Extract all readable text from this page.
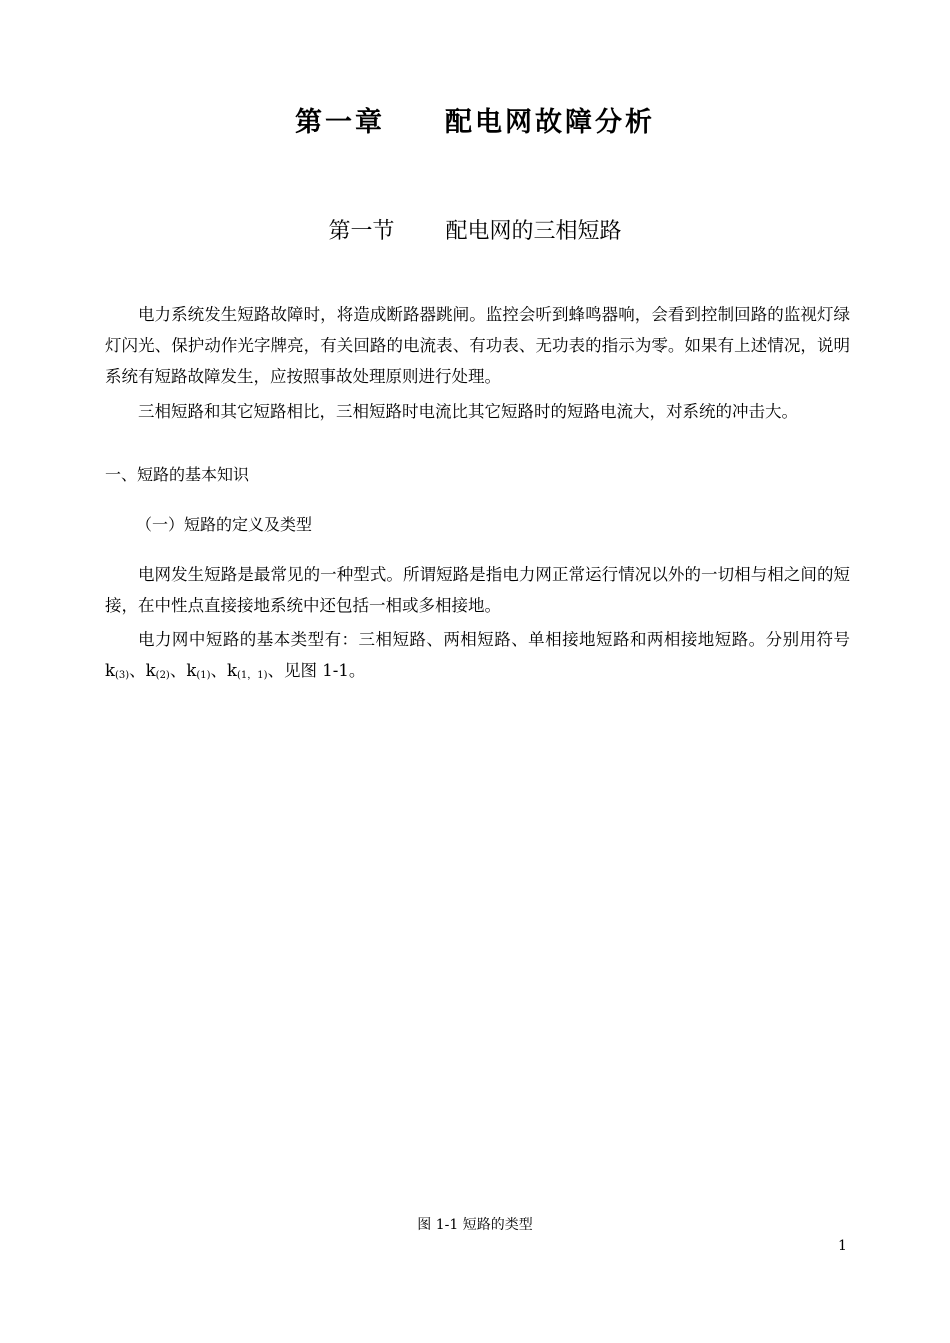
第一章　　配电网故障分析
第一节　　 配电网的三相短路

电力系统发生短路故障时，将造成断路器跳闸。监控会听到蜂鸣器响，会看到控制回路的监视灯绿灯闪光、保护动作光字牌亮，有关回路的电流表、有功表、无功表的指示为零。如果有上述情况，说明系统有短路故障发生，应按照事故处理原则进行处理。

三相短路和其它短路相比，三相短路时电流比其它短路时的短路电流大，对系统的冲击大。

一、短路的基本知识
（一）短路的定义及类型

电网发生短路是最常见的一种型式。所谓短路是指电力网正常运行情况以外的一切相与相之间的短接，在中性点直接接地系统中还包括一相或多相接地。

电力网中短路的基本类型有：三相短路、两相短路、单相接地短路和两相接地短路。分别用符号 $k_{(3)}$、$k_{(2)}$、$k_{(1)}$、$k_{(1,1)}$、见图 1-1。

图 1-1 短路的类型
1
